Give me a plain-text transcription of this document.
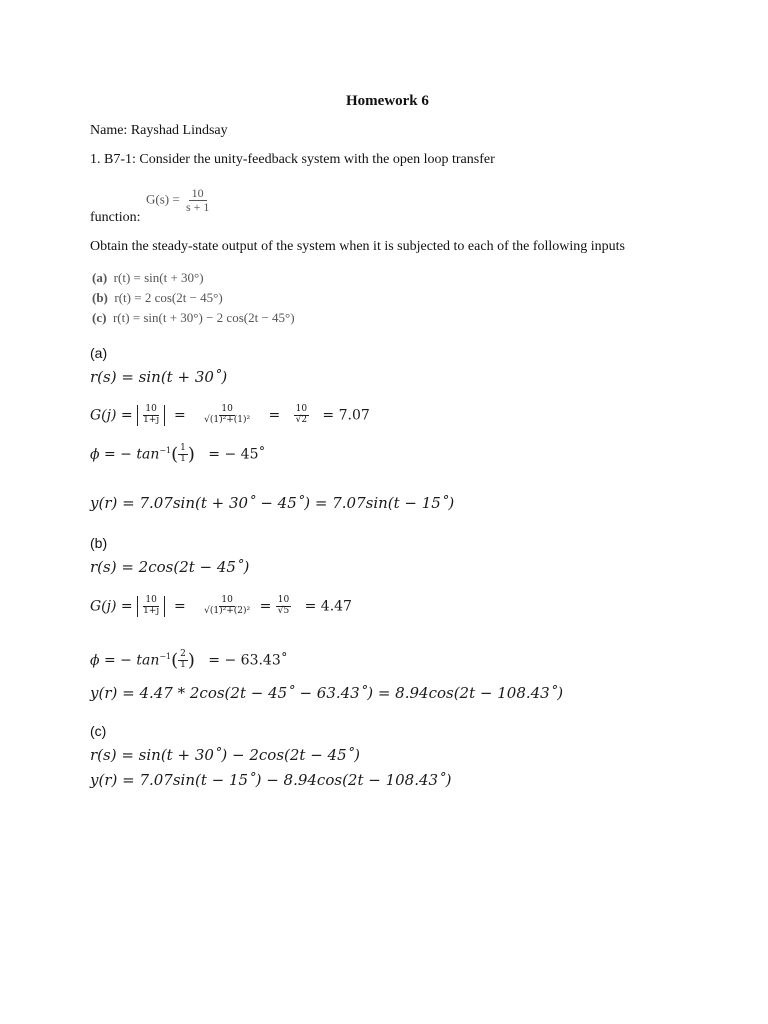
Homework 6
Name: Rayshad Lindsay
1. B7-1: Consider the unity-feedback system with the open loop transfer
$G(s) = \frac{10}{s + 1}$
function:
Obtain the steady-state output of the system when it is subjected to each of the following inputs
(a) r(t) = sin(t + 30°)
(b) r(t) = 2 cos(2t − 45°)
(c) r(t) = sin(t + 30°) − 2 cos(2t − 45°)
(a)
r(s) = sin(t + 30˚)
$G(j) = \frac{10}{1+j} = \frac{10}{\text{√(1)²+(1)²}} = \frac{10}{√2} = 7.07$
ϕ = − $\tan^{-1}( \frac{1}{1}$ ) = − 45˚
y(r) = 7.07sin(t + 30˚ − 45˚) = 7.07sin(t − 15˚)
(b)
r(s) = 2cos(2t − 45˚)
$G(j) = \frac{10}{1+j} = \frac{10}{\text{√(1)²+(2)²}} = \frac{10}{√5} = 4.47$
ϕ = − $\tan^{-1}( \frac{2}{1}$ ) = − 63.43˚
y(r) = 4.47 * 2cos(2t − 45˚ − 63.43˚) = 8.94cos(2t − 108.43˚)
(c)
r(s) = sin(t + 30˚) − 2cos(2t − 45˚)
y(r) = 7.07sin(t − 15˚) − 8.94cos(2t − 108.43˚)
